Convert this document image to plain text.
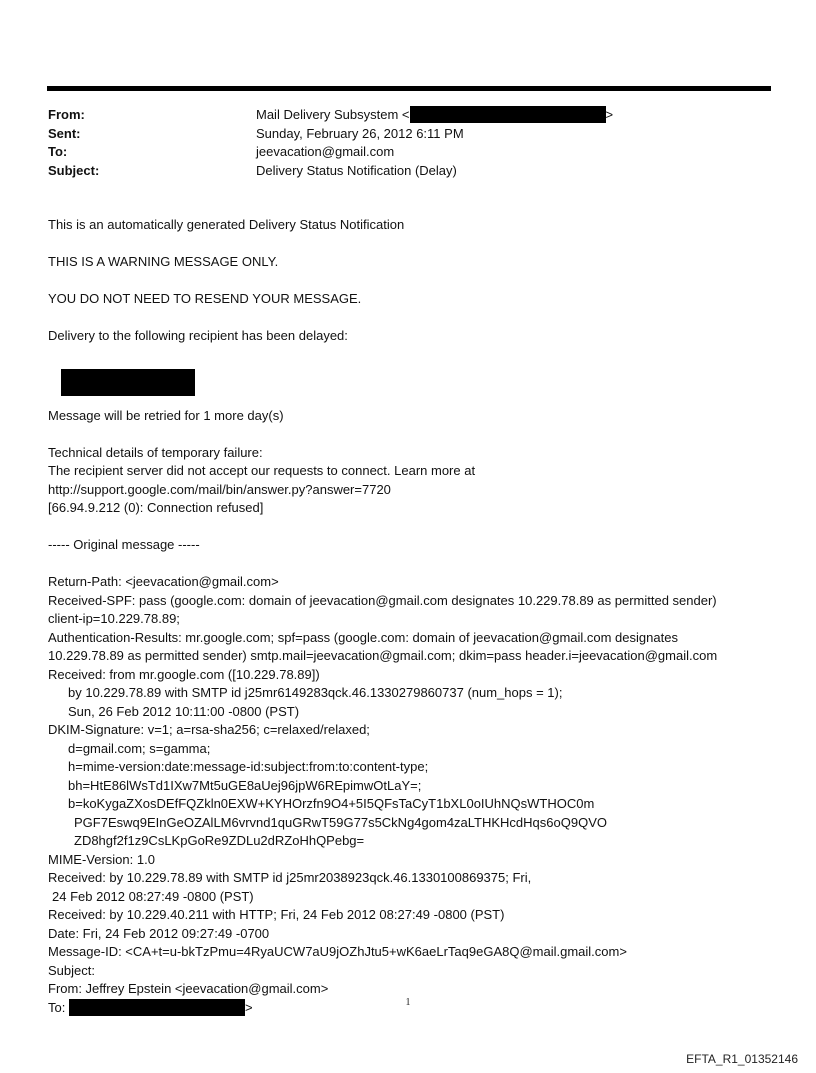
From:	Mail Delivery Subsystem <	>
Sent:	Sunday, February 26, 2012 6:11 PM
To:	jeevacation@gmail.com
Subject:	Delivery Status Notification (Delay)

This is an automatically generated Delivery Status Notification

THIS IS A WARNING MESSAGE ONLY.

YOU DO NOT NEED TO RESEND YOUR MESSAGE.

Delivery to the following recipient has been delayed:

Message will be retried for 1 more day(s)

Technical details of temporary failure:

The recipient server did not accept our requests to connect. Learn more at

http://support.google.com/mail/bin/answer.py?answer=7720

[66.94.9.212 (0): Connection refused]

----- Original message -----

Return-Path: <jeevacation@gmail.com>

Received-SPF: pass (google.com: domain of jeevacation@gmail.com designates 10.229.78.89 as permitted sender)

client-ip=10.229.78.89;

Authentication-Results: mr.google.com; spf=pass (google.com: domain of jeevacation@gmail.com designates

10.229.78.89 as permitted sender) smtp.mail=jeevacation@gmail.com; dkim=pass header.i=jeevacation@gmail.com

Received: from mr.google.com ([10.229.78.89])

by 10.229.78.89 with SMTP id j25mr6149283qck.46.1330279860737 (num_hops = 1);

Sun, 26 Feb 2012 10:11:00 -0800 (PST)

DKIM-Signature: v=1; a=rsa-sha256; c=relaxed/relaxed;

d=gmail.com; s=gamma;

h=mime-version:date:message-id:subject:from:to:content-type;

bh=HtE86lWsTd1IXw7Mt5uGE8aUej96jpW6REpimwOtLaY=;

b=koKygaZXosDEfFQZkln0EXW+KYHOrzfn9O4+5I5QFsTaCyT1bXL0oIUhNQsWTHOC0m

PGF7Eswq9EInGeOZAlLM6vrvnd1quGRwT59G77s5CkNg4gom4zaLTHKHcdHqs6oQ9QVO

ZD8hgf2f1z9CsLKpGoRe9ZDLu2dRZoHhQPebg=

MIME-Version: 1.0

Received: by 10.229.78.89 with SMTP id j25mr2038923qck.46.1330100869375; Fri,

24 Feb 2012 08:27:49 -0800 (PST)

Received: by 10.229.40.211 with HTTP; Fri, 24 Feb 2012 08:27:49 -0800 (PST)

Date: Fri, 24 Feb 2012 09:27:49 -0700

Message-ID: <CA+t=u-bkTzPmu=4RyaUCW7aU9jOZhJtu5+wK6aeLrTaq9eGA8Q@mail.gmail.com>

Subject:

From: Jeffrey Epstein <jeevacation@gmail.com>

To:	>	1
EFTA_R1_01352146
